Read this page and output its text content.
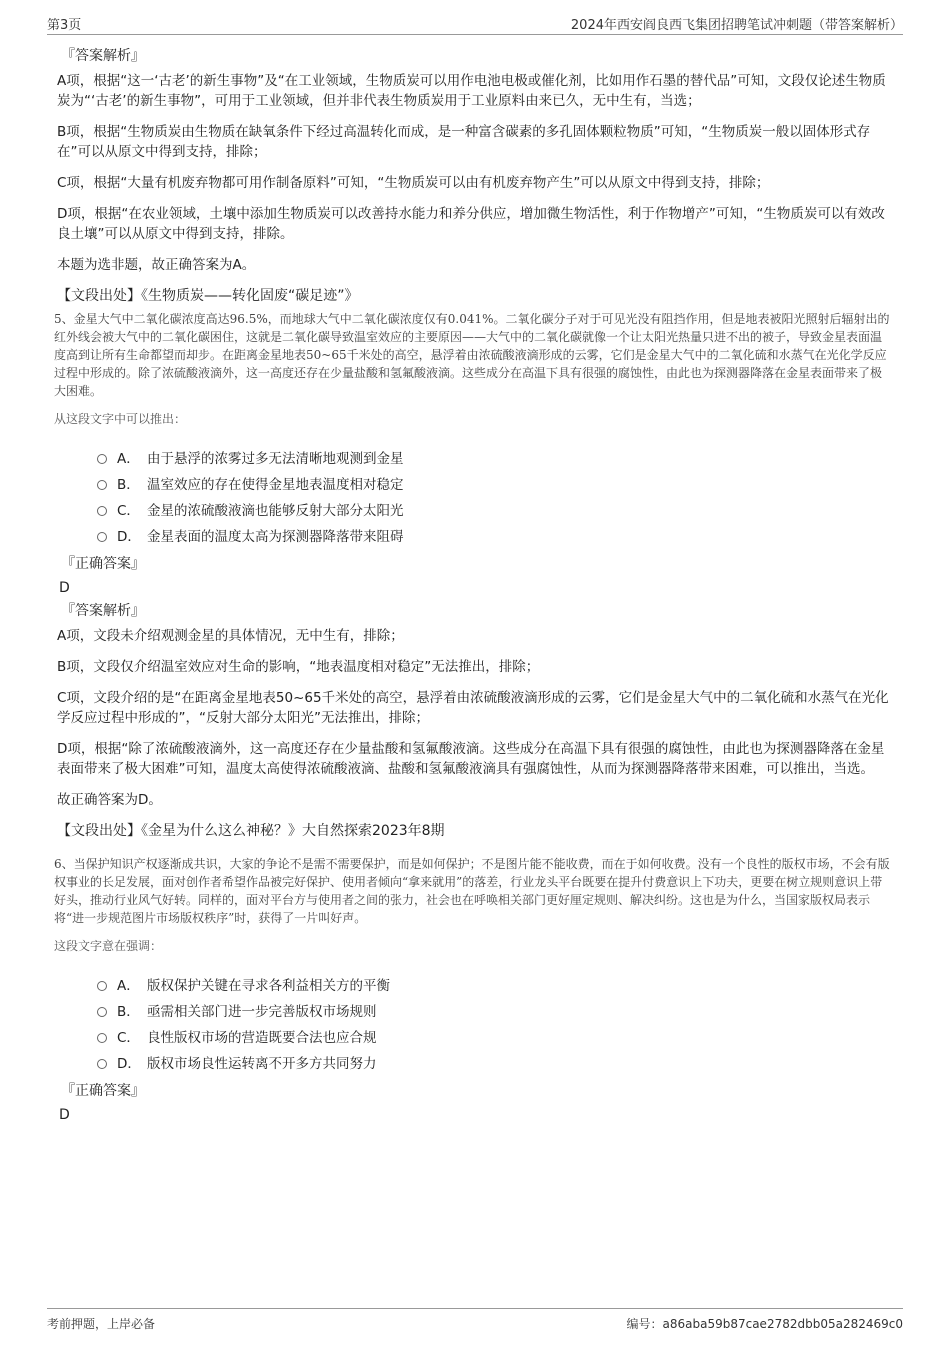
第3页	2024年西安阎良西飞集团招聘笔试冲刺题（带答案解析）
『答案解析』

A项，根据“这一‘古老’的新生事物”及“在工业领域，生物质炭可以用作电池电极或催化剂，比如用作石墨的替代品”可知，文段仅论述生物质炭为“‘古老’的新生事物”，可用于工业领域，但并非代表生物质炭用于工业原料由来已久，无中生有，当选；

B项，根据“生物质炭由生物质在缺氧条件下经过高温转化而成，是一种富含碳素的多孔固体颗粒物质”可知，“生物质炭一般以固体形式存在”可以从原文中得到支持，排除；

C项，根据“大量有机废弃物都可用作制备原料”可知，“生物质炭可以由有机废弃物产生”可以从原文中得到支持，排除；

D项，根据“在农业领域，土壤中添加生物质炭可以改善持水能力和养分供应，增加微生物活性，利于作物增产”可知，“生物质炭可以有效改良土壤”可以从原文中得到支持，排除。

本题为选非题，故正确答案为A。

【文段出处】《生物质炭——转化固废“碳足迹”》
5、金星大气中二氧化碳浓度高达96.5%，而地球大气中二氧化碳浓度仅有0.041%。二氧化碳分子对于可见光没有阻挡作用，但是地表被阳光照射后辐射出的红外线会被大气中的二氧化碳困住，这就是二氧化碳导致温室效应的主要原因——大气中的二氧化碳就像一个让太阳光热量只进不出的被子，导致金星表面温度高到让所有生命都望而却步。在距离金星地表50~65千米处的高空，悬浮着由浓硫酸液滴形成的云雾，它们是金星大气中的二氧化硫和水蒸气在光化学反应过程中形成的。除了浓硫酸液滴外，这一高度还存在少量盐酸和氢氟酸液滴。这些成分在高温下具有很强的腐蚀性，由此也为探测器降落在金星表面带来了极大困难。
从这段文字中可以推出：
A． 由于悬浮的浓雾过多无法清晰地观测到金星
B． 温室效应的存在使得金星地表温度相对稳定
C． 金星的浓硫酸液滴也能够反射大部分太阳光
D． 金星表面的温度太高为探测器降落带来阻碍
『正确答案』
D
『答案解析』

A项，文段未介绍观测金星的具体情况，无中生有，排除；

B项，文段仅介绍温室效应对生命的影响，“地表温度相对稳定”无法推出，排除；

C项，文段介绍的是“在距离金星地表50~65千米处的高空，悬浮着由浓硫酸液滴形成的云雾，它们是金星大气中的二氧化硫和水蒸气在光化学反应过程中形成的”，“反射大部分太阳光”无法推出，排除；

D项，根据“除了浓硫酸液滴外，这一高度还存在少量盐酸和氢氟酸液滴。这些成分在高温下具有很强的腐蚀性，由此也为探测器降落在金星表面带来了极大困难”可知，温度太高使得浓硫酸液滴、盐酸和氢氟酸液滴具有强腐蚀性，从而为探测器降落带来困难，可以推出，当选。

故正确答案为D。

【文段出处】《金星为什么这么神秘？》大自然探索2023年8期
6、当保护知识产权逐渐成共识，大家的争论不是需不需要保护，而是如何保护；不是图片能不能收费，而在于如何收费。没有一个良性的版权市场，不会有版权事业的长足发展，面对创作者希望作品被完好保护、使用者倾向“拿来就用”的落差，行业龙头平台既要在提升付费意识上下功夫，更要在树立规则意识上带好头，推动行业风气好转。同样的，面对平台方与使用者之间的张力，社会也在呼唤相关部门更好厘定规则、解决纠纷。这也是为什么，当国家版权局表示将“进一步规范图片市场版权秩序”时，获得了一片叫好声。
这段文字意在强调：
A． 版权保护关键在寻求各利益相关方的平衡
B． 亟需相关部门进一步完善版权市场规则
C． 良性版权市场的营造既要合法也应合规
D． 版权市场良性运转离不开多方共同努力
『正确答案』
D
考前押题，上岸必备	编号：a86aba59b87cae2782dbb05a282469c0
